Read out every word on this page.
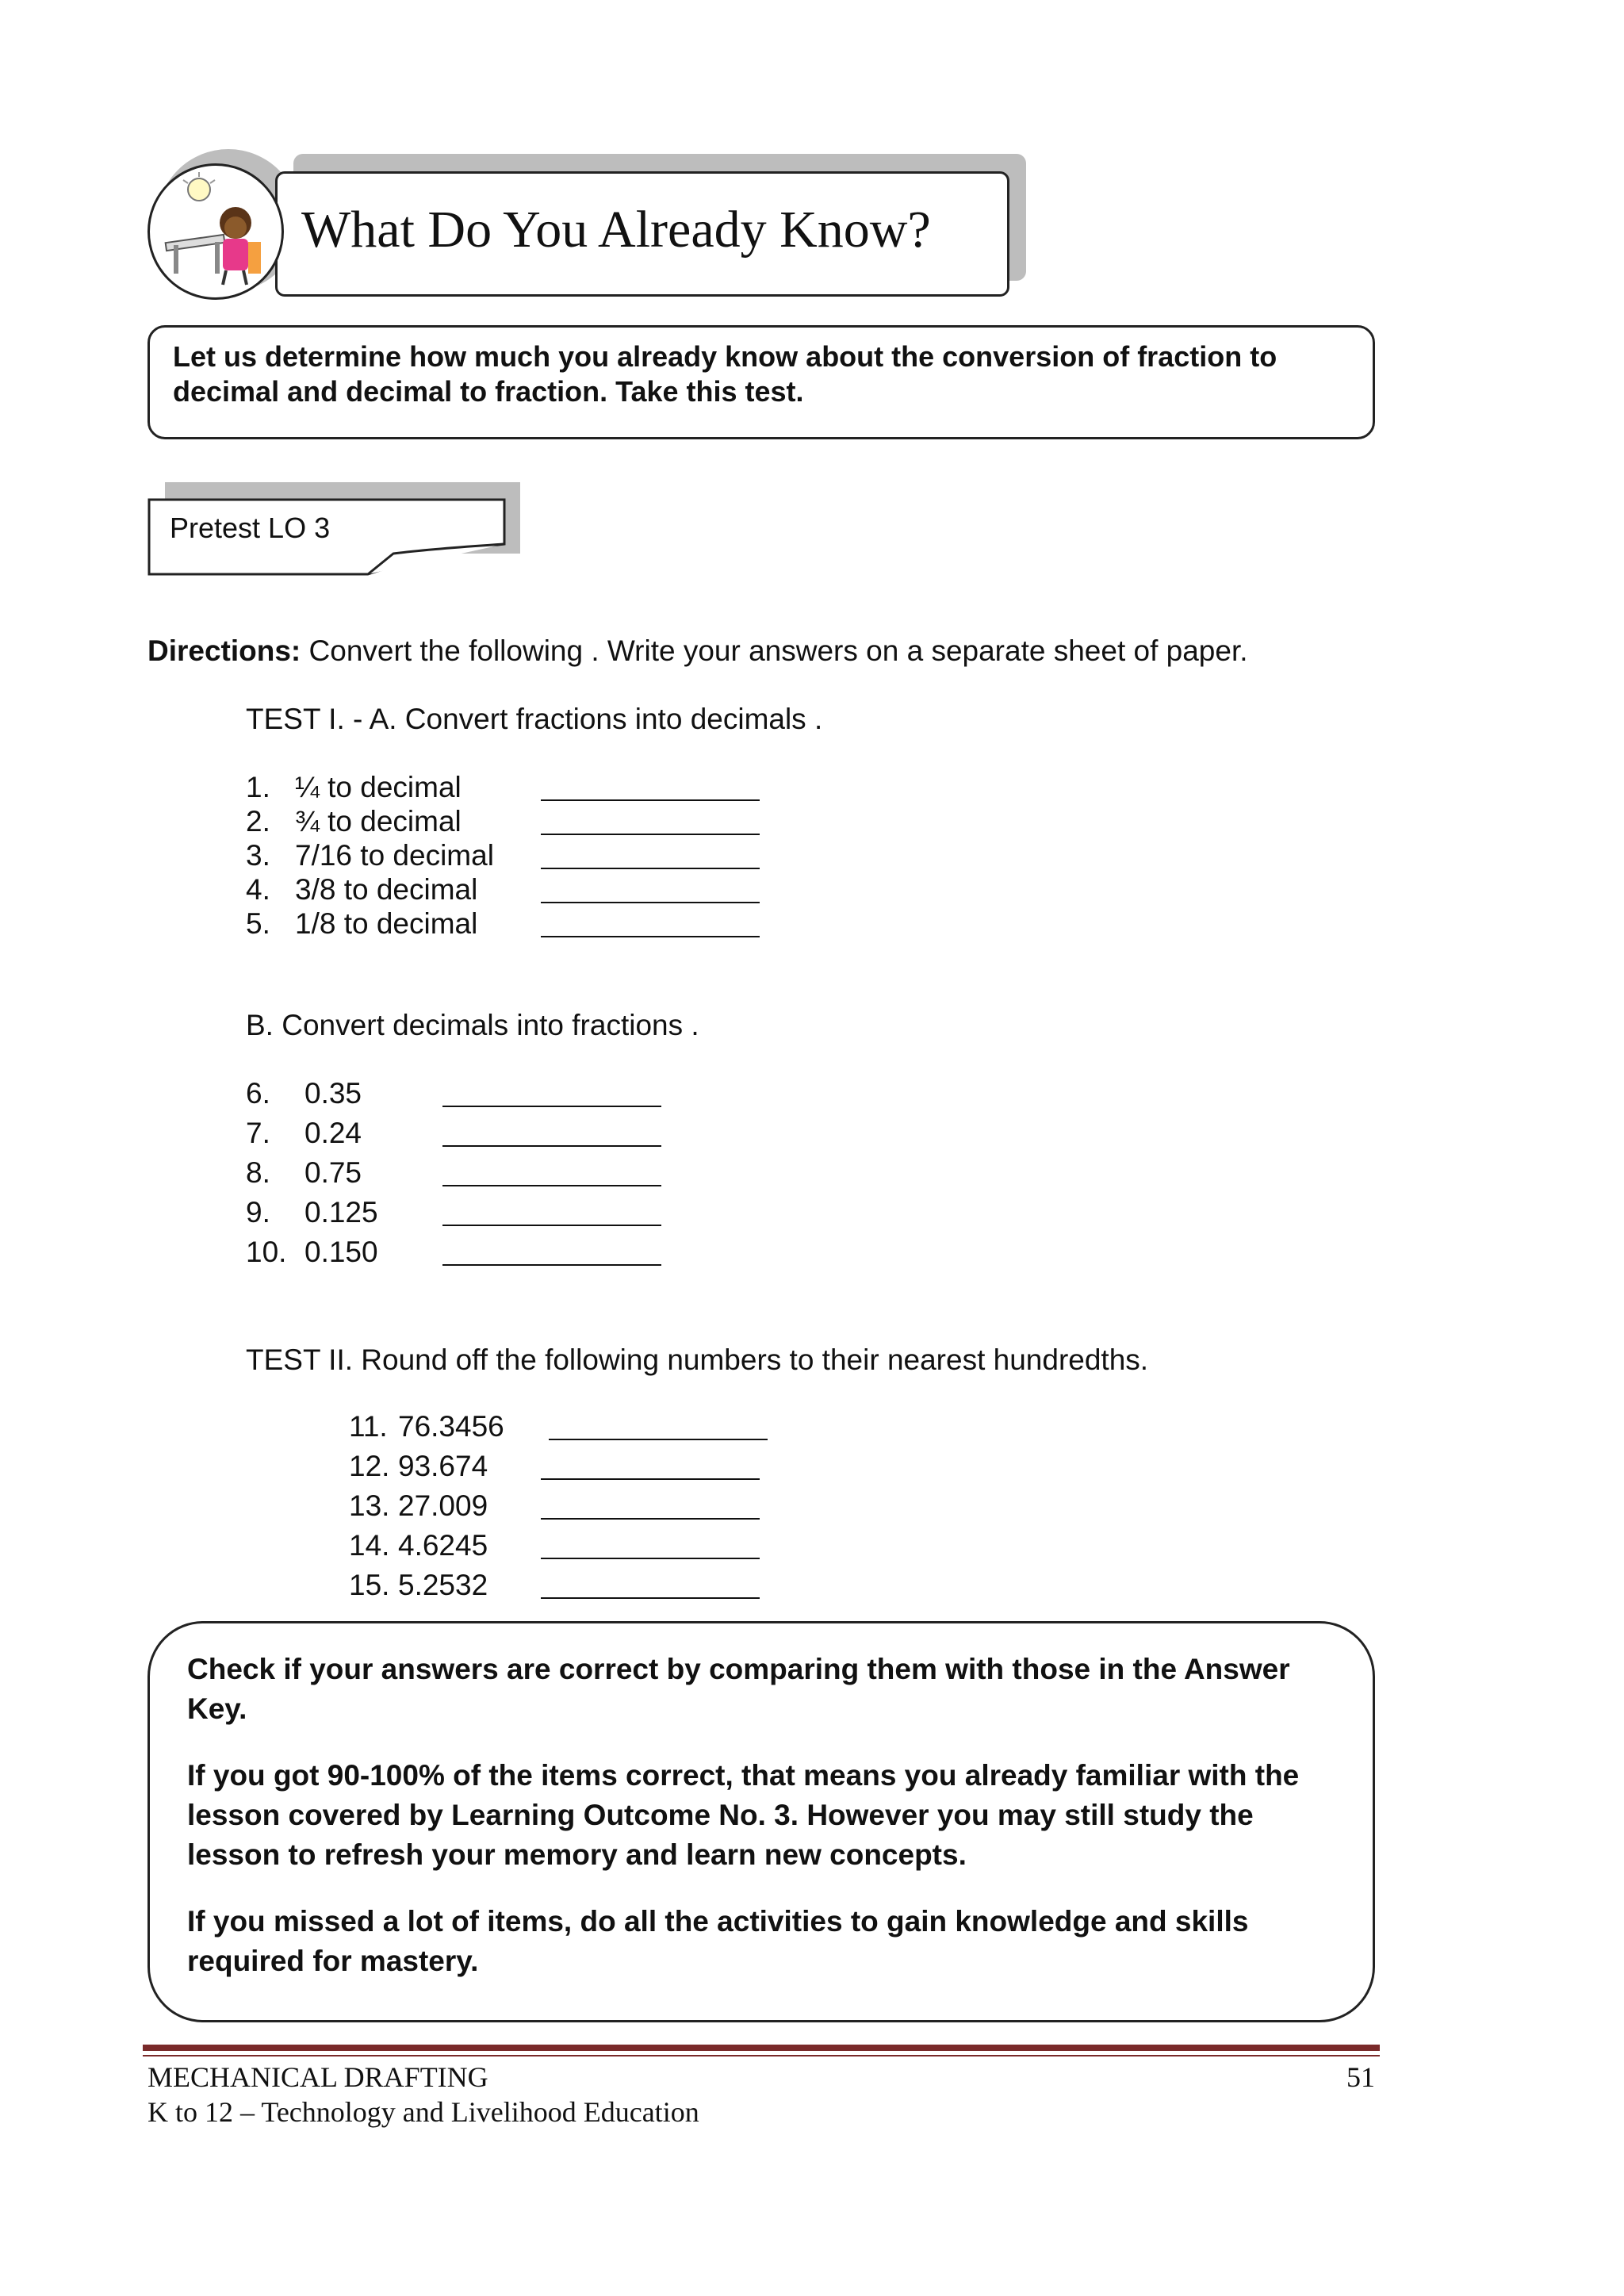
What Do You Already Know?
Let us determine how much you already know about the conversion of fraction to decimal and decimal to fraction. Take this test.
Pretest LO 3
Directions: Convert the following . Write your answers on a separate sheet of paper.
TEST I. - A. Convert fractions into decimals .
1. ¼ to decimal
2. ¾ to decimal
3. 7/16 to decimal
4. 3/8 to decimal
5. 1/8 to decimal
B. Convert decimals into fractions .
6. 0.35
7. 0.24
8. 0.75
9. 0.125
10. 0.150
TEST II. Round off the following numbers to their nearest hundredths.
11. 76.3456
12. 93.674
13. 27.009
14. 4.6245
15. 5.2532
Check if your answers are correct by comparing them with those in the Answer Key.
If you got 90-100% of the items correct, that means you already familiar with the lesson covered by Learning Outcome No. 3. However you may still study the lesson to refresh your memory and learn new concepts.
If you missed a lot of items, do all the activities to gain knowledge and skills required for mastery.
MECHANICAL DRAFTING
K to 12 – Technology and Livelihood Education
51
